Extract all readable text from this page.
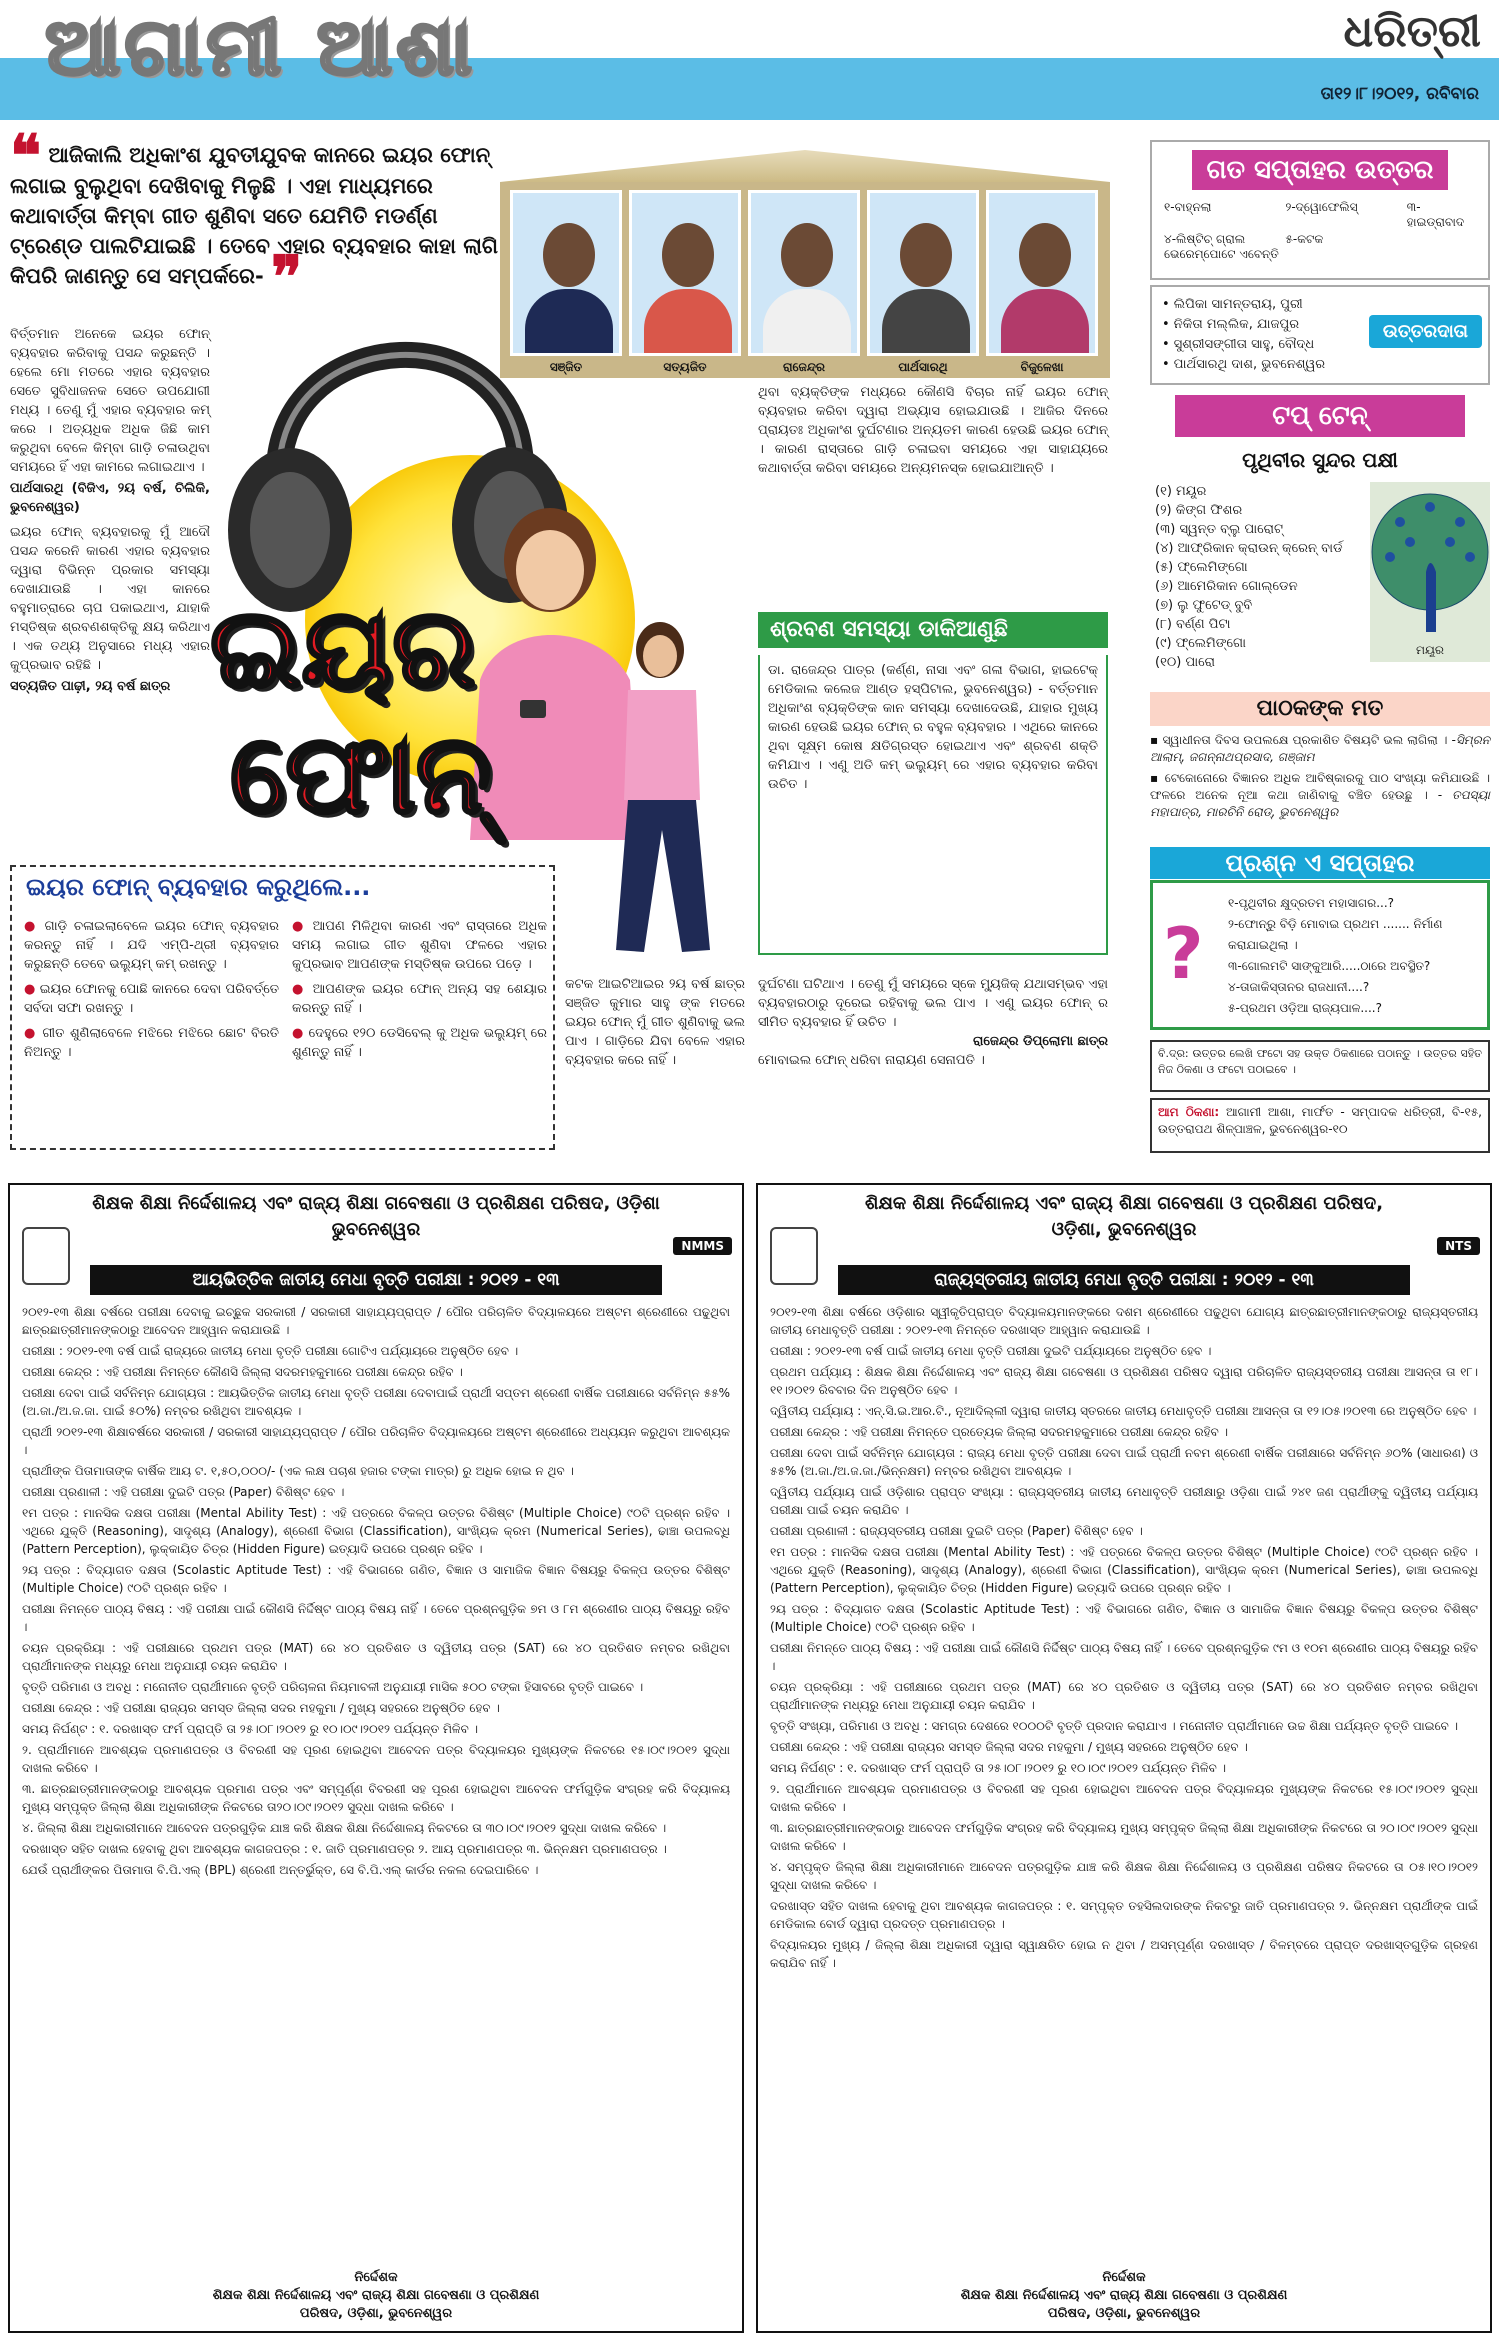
ଆଗାମୀ ଆଶା	ଧରିତ୍ରୀ
ତା୧୨।୮।୨୦୧୨, ରବିବାର
❝ ଆଜିକାଲି ଅଧିକାଂଶ ଯୁବତୀଯୁବକ କାନରେ ଇୟର ଫୋନ୍ ଲଗାଇ ବୁଲୁଥିବା ଦେଖିବାକୁ ମିଳୁଛି । ଏହା ମାଧ୍ୟମରେ କଥାବାର୍ତ୍ତା କିମ୍ବା ଗୀତ ଶୁଣିବା ସତେ ଯେମିତି ମଡର୍ଣ୍ଣ ଟ୍ରେଣ୍ଡ ପାଲଟିଯାଇଛି । ତେବେ ଏହାର ବ୍ୟବହାର କାହା ଲାଗି କିପରି ଜାଣନ୍ତୁ ସେ ସମ୍ପର୍କରେ- ❞
ସଞ୍ଜିତ	ସତ୍ୟଜିତ	ରାଜେନ୍ଦ୍ର	ପାର୍ଥସାରଥି	ବିଜୁଳେଖା
ଇୟର
ଫୋନ୍

ବିର୍ତ୍ତମାନ ଅନେକେ ଇୟର ଫୋନ୍ ବ୍ୟବହାର କରିବାକୁ ପସନ୍ଦ କରୁଛନ୍ତି । ହେଲେ ମୋ ମତରେ ଏହାର ବ୍ୟବହାର ସେତେ ସୁବିଧାଜନକ ସେତେ ଉପଯୋଗୀ ମଧ୍ୟ । ତେଣୁ ମୁଁ ଏହାର ବ୍ୟବହାର କମ୍ କରେ । ଅତ୍ୟଧିକ ଅଧିକ ଜିଛି କାମ କରୁଥିବା ବେଳେ କିମ୍ବା ଗାଡ଼ି ଚଳାଉଥିବା ସମୟରେ ହିଁ ଏହା କାମରେ ଲଗାଇଥାଏ ।

ପାର୍ଥସାରଥି (ବିଜିଏ, ୨ୟ ବର୍ଷ, ଚିଲିକି, ଭୁବନେଶ୍ୱର)

ଇୟର ଫୋନ୍ ବ୍ୟବହାରକୁ ମୁଁ ଆଦୌ ପସନ୍ଦ କରେନି କାରଣ ଏହାର ବ୍ୟବହାର ଦ୍ୱାରା ବିଭିନ୍ନ ପ୍ରକାର ସମସ୍ୟା ଦେଖାଯାଉଛି । ଏହା କାନରେ ବହୁମାତ୍ରାରେ ଚାପ ପକାଇଥାଏ, ଯାହାକି ମସ୍ତିଷ୍କ ଶ୍ରବଣଶକ୍ତିକୁ କ୍ଷୟ କରିଥାଏ । ଏକ ତଥ୍ୟ ଅନୁସାରେ ମଧ୍ୟ ଏହାର କୁପ୍ରଭାବ ରହିଛି ।

ସତ୍ୟଜିତ ପାଢ଼ୀ, ୨ୟ ବର୍ଷ ଛାତ୍ର

ଇୟର ଫୋନ୍ ବ୍ୟବହାର କରୁଥିଲେ...

● ଗାଡ଼ି ଚଳାଇଲାବେଳେ ଇୟର ଫୋନ୍ ବ୍ୟବହାର କରନ୍ତୁ ନାହିଁ । ଯଦି ଏମ୍‌ପି-ଥ୍ରୀ ବ୍ୟବହାର କରୁଛନ୍ତି ତେବେ ଭଲ୍ୟୁମ୍ କମ୍ ରଖନ୍ତୁ ।

● ଇୟର ଫୋନକୁ ପୋଛି କାନରେ ଦେବା ପରିବର୍ତ୍ତେ ସର୍ବଦା ସଫା ରଖନ୍ତୁ ।

● ଗୀତ ଶୁଣିଲାବେଳେ ମଝିରେ ମଝିରେ ଛୋଟ ବିରତି ନିଅନ୍ତୁ ।

● ଆପଣ ମିଳିଥିବା କାରଣ ଏବଂ ରାସ୍ତାରେ ଅଧିକ ସମୟ ଲଗାଇ ଗୀତ ଶୁଣିବା ଫଳରେ ଏହାର କୁପ୍ରଭାବ ଆପଣଙ୍କ ମସ୍ତିଷ୍କ ଉପରେ ପଡ଼େ ।

● ଆପଣଙ୍କ ଇୟର ଫୋନ୍ ଅନ୍ୟ ସହ ଶେୟାର କରନ୍ତୁ ନାହିଁ ।

● ଦେହୁରେ ୧୨୦ ଡେସିବେଲ୍ କୁ ଅଧିକ ଭଲ୍ୟୁମ୍ ରେ ଶୁଣନ୍ତୁ ନାହିଁ ।

କଟକ ଆଇଟିଆଇର ୨ୟ ବର୍ଷ ଛାତ୍ର ସଞ୍ଜିତ କୁମାର ସାହୁ ଙ୍କ ମତରେ ଇୟର ଫୋନ୍ ମୁଁ ଗୀତ ଶୁଣିବାକୁ ଭଲ ପାଏ । ଗାଡ଼ିରେ ଯିବା ବେଳେ ଏହାର ବ୍ୟବହାର କରେ ନାହିଁ ।
ଥିବା ବ୍ୟକ୍ତିଙ୍କ ମଧ୍ୟରେ କୌଣସି ବିଚାର ନାହିଁ ଇୟର ଫୋନ୍ ବ୍ୟବହାର କରିବା ଦ୍ୱାରା ଅଭ୍ୟାସ ହୋଇଯାଉଛି । ଆଜିର ଦିନରେ ପ୍ରାୟତଃ ଅଧିକାଂଶ ଦୁର୍ଘଟଣାର ଅନ୍ୟତମ କାରଣ ହେଉଛି ଇୟର ଫୋନ୍ । କାରଣ ରାସ୍ତାରେ ଗାଡ଼ି ଚଳାଇବା ସମୟରେ ଏହା ସାହାଯ୍ୟରେ କଥାବାର୍ତ୍ତା କରିବା ସମୟରେ ଅନ୍ୟମନସ୍କ ହୋଇଯାଆନ୍ତି ।
ଶ୍ରବଣ ସମସ୍ୟା ଡାକିଆଣୁଛି
ଡା. ରାଜେନ୍ଦ୍ର ପାତ୍ର (କର୍ଣ୍ଣ, ନାସା ଏବଂ ଗଳା ବିଭାଗ, ହାଇଟେକ୍ ମେଡିକାଲ କଲେଜ ଆଣ୍ଡ ହସ୍ପିଟାଲ, ଭୁବନେଶ୍ୱର) - ବର୍ତ୍ତମାନ ଅଧିକାଂଶ ବ୍ୟକ୍ତିଙ୍କ କାନ ସମସ୍ୟା ଦେଖାଦେଉଛି, ଯାହାର ମୁଖ୍ୟ କାରଣ ହେଉଛି ଇୟର ଫୋନ୍ ର ବହୁଳ ବ୍ୟବହାର । ଏଥିରେ କାନରେ ଥିବା ସୂକ୍ଷ୍ମ କୋଷ କ୍ଷତିଗ୍ରସ୍ତ ହୋଇଥାଏ ଏବଂ ଶ୍ରବଣ ଶକ୍ତି କମିଯାଏ । ଏଣୁ ଅତି କମ୍ ଭଲ୍ୟୁମ୍ ରେ ଏହାର ବ୍ୟବହାର କରିବା ଉଚିତ ।

ଦୁର୍ଘଟଣା ଘଟିଥାଏ । ତେଣୁ ମୁଁ ସମୟରେ ସ୍କେ ମ୍ୟୁଜିକ୍ ଯଥାସମ୍ଭବ ଏହା ବ୍ୟବହାରଠାରୁ ଦୂରେଇ ରହିବାକୁ ଭଲ ପାଏ । ଏଣୁ ଇୟର ଫୋନ୍ ର ସୀମିତ ବ୍ୟବହାର ହିଁ ଉଚିତ ।

ରାଜେନ୍ଦ୍ର ଡିପ୍ଲୋମା ଛାତ୍ର

ମୋବାଇଲ ଫୋନ୍ ଧରିବା ନାରାୟଣ ସେନାପତି ।

ଗତ ସପ୍ତାହର ଉତ୍ତର
୧-ବାହ୍ନଲା	୨-ଦ୍ୱୋଫେଲିସ୍	୩-ହାଇଡ୍ରାବାଦ
୪-ଲିଷ୍ଟିଚ୍ ଗ୍ରାଲ ଭେରେମ୍ପୋଟେ ଏବେନ୍ତି
୫-କଟକ
• ଲିପିକା ସାମନ୍ତରାୟ, ପୁରୀ
• ନିକିତା ମଲ୍ଲିକ, ଯାଜପୁର
• ସୁଶ୍ରୀସଙ୍ଗୀତା ସାହୁ, ବୌଦ୍ଧ
• ପାର୍ଥସାରଥି ଦାଶ, ଭୁବନେଶ୍ୱର
ଉତ୍ତରଦାତା
ଟପ୍ ଟେନ୍
ପୃଥିବୀର ସୁନ୍ଦର ପକ୍ଷୀ
(୧) ମୟୂର
(୨) କିଙ୍ଗ ଫିଶର
(୩) ସ୍ୱନ୍ତ ବ୍ଲୁ ପାରୋଟ୍
(୪) ଆଫ୍ରିକାନ କ୍ରାଉନ୍ କ୍ରେନ୍ ବାର୍ଡ
(୫) ଫ୍ଲେମିଙ୍ଗୋ
(୬) ଆମେରିକାନ ଗୋଲ୍ଡେନ
(୭) ଲୁ ଫୁଟେଡ୍ ବୁବି
(୮) ବର୍ଣ୍ଣ ପିଟା
(୯) ଫ୍ଲେମିଙ୍ଗୋ
(୧୦) ପାରୋ
ମୟୂର
ପାଠକଙ୍କ ମତ

▪ ସ୍ୱାଧୀନତା ଦିବସ ଉପଲକ୍ଷେ ପ୍ରକାଶିତ ବିଷୟଟି ଭଲ ଲାଗିଲା । -ସିମ୍ରନ ଆଲାମ୍, ଜଗନ୍ନାଥପ୍ରସାଦ, ଗଞ୍ଜାମ

▪ ଟେକୋନୋରେ ବିଜ୍ଞାନର ଅଧିକ ଆବିଷ୍କାରକୁ ପାଠ ସଂଖ୍ୟା କମିଯାଉଛି । ଫଳରେ ଅନେକ ନୂଆ କଥା ଜାଣିବାକୁ ବଞ୍ଚିତ ହେଉଛୁ । - ତପସ୍ୟା ମହାପାତ୍ର, ମାରଚିନି ରୋଡ୍, ଭୁବନେଶ୍ୱର

ପ୍ରଶ୍ନ ଏ ସପ୍ତାହର
?
୧-ପୃଥିବୀର କ୍ଷୁଦ୍ରତମ ମହାସାଗର...?
୨-ଫୋନ୍‌ରୁ ବିଡ଼ି ମୋବାଇ ପ୍ରଥମ ....... ନିର୍ମାଣ କରାଯାଇଥିଲା ।
୩-ଗୋଲମଟି ସାଙ୍କୁଆରି.....ଠାରେ ଅବସ୍ଥିତ?
୪-ତାଜାକିସ୍ତାନର ରାଜଧାନୀ....?
୫-ପ୍ରଥମ ଓଡ଼ିଆ ରାଜ୍ୟପାଳ....?
ବି.ଦ୍ର: ଉତ୍ତର ଲେଖି ଫଟୋ ସହ ଉକ୍ତ ଠିକଣାରେ ପଠାନ୍ତୁ । ଉତ୍ତର ସହିତ ନିଜ ଠିକଣା ଓ ଫଟୋ ପଠାଇବେ ।
ଆମ ଠିକଣା: ଆଗାମୀ ଆଶା, ମାର୍ଫତ - ସମ୍ପାଦକ ଧରିତ୍ରୀ, ବି-୧୫, ଉତ୍ତରାପଥ ଶିଳ୍ପାଞ୍ଚଳ, ଭୁବନେଶ୍ୱର-୧୦
ଶିକ୍ଷକ ଶିକ୍ଷା ନିର୍ଦ୍ଦେଶାଳୟ ଏବଂ ରାଜ୍ୟ ଶିକ୍ଷା ଗବେଷଣା ଓ ପ୍ରଶିକ୍ଷଣ ପରିଷଦ, ଓଡ଼ିଶା
ଭୁବନେଶ୍ୱର
NMMS
ଆୟଭିତ୍ତିକ ଜାତୀୟ ମେଧା ବୃତ୍ତି ପରୀକ୍ଷା : ୨୦୧୨ - ୧୩

୨୦୧୨-୧୩ ଶିକ୍ଷା ବର୍ଷରେ ପରୀକ୍ଷା ଦେବାକୁ ଇଚ୍ଛୁକ ସରକାରୀ / ସରକାରୀ ସାହାଯ୍ୟପ୍ରାପ୍ତ / ପୌର ପରିଚାଳିତ ବିଦ୍ୟାଳୟରେ ଅଷ୍ଟମ ଶ୍ରେଣୀରେ ପଢୁଥିବା ଛାତ୍ରଛାତ୍ରୀମାନଙ୍କଠାରୁ ଆବେଦନ ଆହ୍ୱାନ କରାଯାଉଛି ।

ପରୀକ୍ଷା : ୨୦୧୨-୧୩ ବର୍ଷ ପାଇଁ ରାଜ୍ୟରେ ଜାତୀୟ ମେଧା ବୃତ୍ତି ପରୀକ୍ଷା ଗୋଟିଏ ପର୍ଯ୍ୟାୟରେ ଅନୁଷ୍ଠିତ ହେବ ।

ପରୀକ୍ଷା କେନ୍ଦ୍ର : ଏହି ପରୀକ୍ଷା ନିମନ୍ତେ କୌଣସି ଜିଲ୍ଲା ସଦରମହକୁମାରେ ପରୀକ୍ଷା କେନ୍ଦ୍ର ରହିବ ।

ପରୀକ୍ଷା ଦେବା ପାଇଁ ସର୍ବନିମ୍ନ ଯୋଗ୍ୟତା : ଆୟଭିତ୍ତିକ ଜାତୀୟ ମେଧା ବୃତ୍ତି ପରୀକ୍ଷା ଦେବାପାଇଁ ପ୍ରାର୍ଥୀ ସପ୍ତମ ଶ୍ରେଣୀ ବାର୍ଷିକ ପରୀକ୍ଷାରେ ସର୍ବନିମ୍ନ ୫୫% (ଅ.ଜା./ଅ.ଜ.ଜା. ପାଇଁ ୫୦%) ନମ୍ବର ରଖିଥିବା ଆବଶ୍ୟକ ।

ପ୍ରାର୍ଥୀ ୨୦୧୨-୧୩ ଶିକ୍ଷାବର୍ଷରେ ସରକାରୀ / ସରକାରୀ ସାହାଯ୍ୟପ୍ରାପ୍ତ / ପୌର ପରିଚାଳିତ ବିଦ୍ୟାଳୟରେ ଅଷ୍ଟମ ଶ୍ରେଣୀରେ ଅଧ୍ୟୟନ କରୁଥିବା ଆବଶ୍ୟକ ।

ପ୍ରାର୍ଥୀଙ୍କ ପିତାମାତାଙ୍କ ବାର୍ଷିକ ଆୟ ଟ. ୧,୫୦,୦୦୦/- (ଏକ ଲକ୍ଷ ପଚାଶ ହଜାର ଟଙ୍କା ମାତ୍ର) ରୁ ଅଧିକ ହୋଇ ନ ଥିବ ।

ପରୀକ୍ଷା ପ୍ରଣାଳୀ : ଏହି ପରୀକ୍ଷା ଦୁଇଟି ପତ୍ର (Paper) ବିଶିଷ୍ଟ ହେବ ।

୧ମ ପତ୍ର : ମାନସିକ ଦକ୍ଷତା ପରୀକ୍ଷା (Mental Ability Test) : ଏହି ପତ୍ରରେ ବିକଳ୍ପ ଉତ୍ତର ବିଶିଷ୍ଟ (Multiple Choice) ୯୦ଟି ପ୍ରଶ୍ନ ରହିବ । ଏଥିରେ ଯୁକ୍ତି (Reasoning), ସାଦୃଶ୍ୟ (Analogy), ଶ୍ରେଣୀ ବିଭାଗ (Classification), ସାଂଖ୍ୟିକ କ୍ରମ (Numerical Series), ଢାଞ୍ଚା ଉପଲବ୍ଧି (Pattern Perception), ଲୁକ୍କାୟିତ ଚିତ୍ର (Hidden Figure) ଇତ୍ୟାଦି ଉପରେ ପ୍ରଶ୍ନ ରହିବ ।

୨ୟ ପତ୍ର : ବିଦ୍ୟାଗତ ଦକ୍ଷତା (Scolastic Aptitude Test) : ଏହି ବିଭାଗରେ ଗଣିତ, ବିଜ୍ଞାନ ଓ ସାମାଜିକ ବିଜ୍ଞାନ ବିଷୟରୁ ବିକଳ୍ପ ଉତ୍ତର ବିଶିଷ୍ଟ (Multiple Choice) ୯୦ଟି ପ୍ରଶ୍ନ ରହିବ ।

ପରୀକ୍ଷା ନିମନ୍ତେ ପାଠ୍ୟ ବିଷୟ : ଏହି ପରୀକ୍ଷା ପାଇଁ କୌଣସି ନିର୍ଦ୍ଦିଷ୍ଟ ପାଠ୍ୟ ବିଷୟ ନାହିଁ । ତେବେ ପ୍ରଶ୍ନଗୁଡ଼ିକ ୭ମ ଓ ୮ମ ଶ୍ରେଣୀର ପାଠ୍ୟ ବିଷୟରୁ ରହିବ ।

ଚୟନ ପ୍ରକ୍ରିୟା : ଏହି ପରୀକ୍ଷାରେ ପ୍ରଥମ ପତ୍ର (MAT) ରେ ୪୦ ପ୍ରତିଶତ ଓ ଦ୍ୱିତୀୟ ପତ୍ର (SAT) ରେ ୪୦ ପ୍ରତିଶତ ନମ୍ବର ରଖିଥିବା ପ୍ରାର୍ଥୀମାନଙ୍କ ମଧ୍ୟରୁ ମେଧା ଅନୁଯାୟୀ ଚୟନ କରାଯିବ ।

ବୃତ୍ତି ପରିମାଣ ଓ ଅବଧି : ମନୋନୀତ ପ୍ରାର୍ଥୀମାନେ ବୃତ୍ତି ପରିଚାଳନା ନିୟମାବଳୀ ଅନୁଯାୟୀ ମାସିକ ୫୦୦ ଟଙ୍କା ହିସାବରେ ବୃତ୍ତି ପାଇବେ ।

ପରୀକ୍ଷା କେନ୍ଦ୍ର : ଏହି ପରୀକ୍ଷା ରାଜ୍ୟର ସମସ୍ତ ଜିଲ୍ଲା ସଦର ମହକୁମା / ମୁଖ୍ୟ ସହରରେ ଅନୁଷ୍ଠିତ ହେବ ।

ସମୟ ନିର୍ଘଣ୍ଟ : ୧. ଦରଖାସ୍ତ ଫର୍ମ ପ୍ରାପ୍ତି ତା ୨୫।୦୮।୨୦୧୨ ରୁ ୧୦।୦୯।୨୦୧୨ ପର୍ଯ୍ୟନ୍ତ ମିଳିବ ।

୨. ପ୍ରାର୍ଥୀମାନେ ଆବଶ୍ୟକ ପ୍ରମାଣପତ୍ର ଓ ବିବରଣୀ ସହ ପୂରଣ ହୋଇଥିବା ଆବେଦନ ପତ୍ର ବିଦ୍ୟାଳୟର ମୁଖ୍ୟଙ୍କ ନିକଟରେ ୧୫।୦୯।୨୦୧୨ ସୁଦ୍ଧା ଦାଖଲ କରିବେ ।

୩. ଛାତ୍ରଛାତ୍ରୀମାନଙ୍କଠାରୁ ଆବଶ୍ୟକ ପ୍ରମାଣ ପତ୍ର ଏବଂ ସମ୍ପୂର୍ଣ୍ଣ ବିବରଣୀ ସହ ପୂରଣ ହୋଇଥିବା ଆବେଦନ ଫର୍ମଗୁଡ଼ିକ ସଂଗ୍ରହ କରି ବିଦ୍ୟାଳୟ ମୁଖ୍ୟ ସମ୍ପୃକ୍ତ ଜିଲ୍ଲା ଶିକ୍ଷା ଅଧିକାରୀଙ୍କ ନିକଟରେ ତା୨୦।୦୯।୨୦୧୨ ସୁଦ୍ଧା ଦାଖଲ କରିବେ ।

୪. ଜିଲ୍ଲା ଶିକ୍ଷା ଅଧିକାରୀମାନେ ଆବେଦନ ପତ୍ରଗୁଡ଼ିକ ଯାଞ୍ଚ କରି ଶିକ୍ଷକ ଶିକ୍ଷା ନିର୍ଦ୍ଦେଶାଳୟ ନିକଟରେ ତା ୩୦।୦୯।୨୦୧୨ ସୁଦ୍ଧା ଦାଖଲ କରିବେ ।

ଦରଖାସ୍ତ ସହିତ ଦାଖଲ ହେବାକୁ ଥିବା ଆବଶ୍ୟକ କାଗଜପତ୍ର : ୧. ଜାତି ପ୍ରମାଣପତ୍ର ୨. ଆୟ ପ୍ରମାଣପତ୍ର ୩. ଭିନ୍ନକ୍ଷମ ପ୍ରମାଣପତ୍ର ।

ଯେଉଁ ପ୍ରାର୍ଥୀଙ୍କର ପିତାମାତା ବି.ପି.ଏଲ୍ (BPL) ଶ୍ରେଣୀ ଅନ୍ତର୍ଭୁକ୍ତ, ସେ ବି.ପି.ଏଲ୍ କାର୍ଡର ନକଲ ଦେଇପାରିବେ ।

ନିର୍ଦ୍ଦେଶକ
ଶିକ୍ଷକ ଶିକ୍ଷା ନିର୍ଦ୍ଦେଶାଳୟ ଏବଂ ରାଜ୍ୟ ଶିକ୍ଷା ଗବେଷଣା ଓ ପ୍ରଶିକ୍ଷଣ
ପରିଷଦ, ଓଡ଼ିଶା, ଭୁବନେଶ୍ୱର
ଶିକ୍ଷକ ଶିକ୍ଷା ନିର୍ଦ୍ଦେଶାଳୟ ଏବଂ ରାଜ୍ୟ ଶିକ୍ଷା ଗବେଷଣା ଓ ପ୍ରଶିକ୍ଷଣ ପରିଷଦ,
ଓଡ଼ିଶା, ଭୁବନେଶ୍ୱର
NTS
ରାଜ୍ୟସ୍ତରୀୟ ଜାତୀୟ ମେଧା ବୃତ୍ତି ପରୀକ୍ଷା : ୨୦୧୨ - ୧୩

୨୦୧୨-୧୩ ଶିକ୍ଷା ବର୍ଷରେ ଓଡ଼ିଶାର ସ୍ୱୀକୃତିପ୍ରାପ୍ତ ବିଦ୍ୟାଳୟମାନଙ୍କରେ ଦଶମ ଶ୍ରେଣୀରେ ପଢୁଥିବା ଯୋଗ୍ୟ ଛାତ୍ରଛାତ୍ରୀମାନଙ୍କଠାରୁ ରାଜ୍ୟସ୍ତରୀୟ ଜାତୀୟ ମେଧାବୃତ୍ତି ପରୀକ୍ଷା : ୨୦୧୨-୧୩ ନିମନ୍ତେ ଦରଖାସ୍ତ ଆହ୍ୱାନ କରାଯାଉଛି ।

ପରୀକ୍ଷା : ୨୦୧୨-୧୩ ବର୍ଷ ପାଇଁ ଜାତୀୟ ମେଧା ବୃତ୍ତି ପରୀକ୍ଷା ଦୁଇଟି ପର୍ଯ୍ୟାୟରେ ଅନୁଷ୍ଠିତ ହେବ ।

ପ୍ରଥମ ପର୍ଯ୍ୟାୟ : ଶିକ୍ଷକ ଶିକ୍ଷା ନିର୍ଦ୍ଦେଶାଳୟ ଏବଂ ରାଜ୍ୟ ଶିକ୍ଷା ଗବେଷଣା ଓ ପ୍ରଶିକ୍ଷଣ ପରିଷଦ ଦ୍ୱାରା ପରିଚାଳିତ ରାଜ୍ୟସ୍ତରୀୟ ପରୀକ୍ଷା ଆସନ୍ତା ତା ୧୮।୧୧।୨୦୧୨ ରିବବାର ଦିନ ଅନୁଷ୍ଠିତ ହେବ ।

ଦ୍ୱିତୀୟ ପର୍ଯ୍ୟାୟ : ଏନ୍.ସି.ଇ.ଆର.ଟି., ନୂଆଦିଲ୍ଲୀ ଦ୍ୱାରା ଜାତୀୟ ସ୍ତରରେ ଜାତୀୟ ମେଧାବୃତ୍ତି ପରୀକ୍ଷା ଆସନ୍ତା ତା ୧୨।୦୫।୨୦୧୩ ରେ ଅନୁଷ୍ଠିତ ହେବ ।

ପରୀକ୍ଷା କେନ୍ଦ୍ର : ଏହି ପରୀକ୍ଷା ନିମନ୍ତେ ପ୍ରତ୍ୟେକ ଜିଲ୍ଲା ସଦରମହକୁମାରେ ପରୀକ୍ଷା କେନ୍ଦ୍ର ରହିବ ।

ପରୀକ୍ଷା ଦେବା ପାଇଁ ସର୍ବନିମ୍ନ ଯୋଗ୍ୟତା : ରାଜ୍ୟ ମେଧା ବୃତ୍ତି ପରୀକ୍ଷା ଦେବା ପାଇଁ ପ୍ରାର୍ଥୀ ନବମ ଶ୍ରେଣୀ ବାର୍ଷିକ ପରୀକ୍ଷାରେ ସର୍ବନିମ୍ନ ୬୦% (ସାଧାରଣ) ଓ ୫୫% (ଅ.ଜା./ଅ.ଜ.ଜା./ଭିନ୍ନକ୍ଷମ) ନମ୍ବର ରଖିଥିବା ଆବଶ୍ୟକ ।

ଦ୍ୱିତୀୟ ପର୍ଯ୍ୟାୟ ପାଇଁ ଓଡ଼ିଶାର ପ୍ରାପ୍ତ ସଂଖ୍ୟା : ରାଜ୍ୟସ୍ତରୀୟ ଜାତୀୟ ମେଧାବୃତ୍ତି ପରୀକ୍ଷାରୁ ଓଡ଼ିଶା ପାଇଁ ୨୪୧ ଜଣ ପ୍ରାର୍ଥୀଙ୍କୁ ଦ୍ୱିତୀୟ ପର୍ଯ୍ୟାୟ ପରୀକ୍ଷା ପାଇଁ ଚୟନ କରାଯିବ ।

ପରୀକ୍ଷା ପ୍ରଣାଳୀ : ରାଜ୍ୟସ୍ତରୀୟ ପରୀକ୍ଷା ଦୁଇଟି ପତ୍ର (Paper) ବିଶିଷ୍ଟ ହେବ ।

୧ମ ପତ୍ର : ମାନସିକ ଦକ୍ଷତା ପରୀକ୍ଷା (Mental Ability Test) : ଏହି ପତ୍ରରେ ବିକଳ୍ପ ଉତ୍ତର ବିଶିଷ୍ଟ (Multiple Choice) ୯୦ଟି ପ୍ରଶ୍ନ ରହିବ । ଏଥିରେ ଯୁକ୍ତି (Reasoning), ସାଦୃଶ୍ୟ (Analogy), ଶ୍ରେଣୀ ବିଭାଗ (Classification), ସାଂଖ୍ୟିକ କ୍ରମ (Numerical Series), ଢାଞ୍ଚା ଉପଲବ୍ଧି (Pattern Perception), ଲୁକ୍କାୟିତ ଚିତ୍ର (Hidden Figure) ଇତ୍ୟାଦି ଉପରେ ପ୍ରଶ୍ନ ରହିବ ।

୨ୟ ପତ୍ର : ବିଦ୍ୟାଗତ ଦକ୍ଷତା (Scolastic Aptitude Test) : ଏହି ବିଭାଗରେ ଗଣିତ, ବିଜ୍ଞାନ ଓ ସାମାଜିକ ବିଜ୍ଞାନ ବିଷୟରୁ ବିକଳ୍ପ ଉତ୍ତର ବିଶିଷ୍ଟ (Multiple Choice) ୯୦ଟି ପ୍ରଶ୍ନ ରହିବ ।

ପରୀକ୍ଷା ନିମନ୍ତେ ପାଠ୍ୟ ବିଷୟ : ଏହି ପରୀକ୍ଷା ପାଇଁ କୌଣସି ନିର୍ଦ୍ଦିଷ୍ଟ ପାଠ୍ୟ ବିଷୟ ନାହିଁ । ତେବେ ପ୍ରଶ୍ନଗୁଡ଼ିକ ୯ମ ଓ ୧୦ମ ଶ୍ରେଣୀର ପାଠ୍ୟ ବିଷୟରୁ ରହିବ ।

ଚୟନ ପ୍ରକ୍ରିୟା : ଏହି ପରୀକ୍ଷାରେ ପ୍ରଥମ ପତ୍ର (MAT) ରେ ୪୦ ପ୍ରତିଶତ ଓ ଦ୍ୱିତୀୟ ପତ୍ର (SAT) ରେ ୪୦ ପ୍ରତିଶତ ନମ୍ବର ରଖିଥିବା ପ୍ରାର୍ଥୀମାନଙ୍କ ମଧ୍ୟରୁ ମେଧା ଅନୁଯାୟୀ ଚୟନ କରାଯିବ ।

ବୃତ୍ତି ସଂଖ୍ୟା, ପରିମାଣ ଓ ଅବଧି : ସମଗ୍ର ଦେଶରେ ୧୦୦୦ଟି ବୃତ୍ତି ପ୍ରଦାନ କରାଯାଏ । ମନୋନୀତ ପ୍ରାର୍ଥୀମାନେ ଉଚ୍ଚ ଶିକ୍ଷା ପର୍ଯ୍ୟନ୍ତ ବୃତ୍ତି ପାଇବେ ।

ପରୀକ୍ଷା କେନ୍ଦ୍ର : ଏହି ପରୀକ୍ଷା ରାଜ୍ୟର ସମସ୍ତ ଜିଲ୍ଲା ସଦର ମହକୁମା / ମୁଖ୍ୟ ସହରରେ ଅନୁଷ୍ଠିତ ହେବ ।

ସମୟ ନିର୍ଘଣ୍ଟ : ୧. ଦରଖାସ୍ତ ଫର୍ମ ପ୍ରାପ୍ତି ତା ୨୫।୦୮।୨୦୧୨ ରୁ ୧୦।୦୯।୨୦୧୨ ପର୍ଯ୍ୟନ୍ତ ମିଳିବ ।

୨. ପ୍ରାର୍ଥୀମାନେ ଆବଶ୍ୟକ ପ୍ରମାଣପତ୍ର ଓ ବିବରଣୀ ସହ ପୂରଣ ହୋଇଥିବା ଆବେଦନ ପତ୍ର ବିଦ୍ୟାଳୟର ମୁଖ୍ୟଙ୍କ ନିକଟରେ ୧୫।୦୯।୨୦୧୨ ସୁଦ୍ଧା ଦାଖଲ କରିବେ ।

୩. ଛାତ୍ରଛାତ୍ରୀମାନଙ୍କଠାରୁ ଆବେଦନ ଫର୍ମଗୁଡ଼ିକ ସଂଗ୍ରହ କରି ବିଦ୍ୟାଳୟ ମୁଖ୍ୟ ସମ୍ପୃକ୍ତ ଜିଲ୍ଲା ଶିକ୍ଷା ଅଧିକାରୀଙ୍କ ନିକଟରେ ତା ୨୦।୦୯।୨୦୧୨ ସୁଦ୍ଧା ଦାଖଲ କରିବେ ।

୪. ସମ୍ପୃକ୍ତ ଜିଲ୍ଲା ଶିକ୍ଷା ଅଧିକାରୀମାନେ ଆବେଦନ ପତ୍ରଗୁଡ଼ିକ ଯାଞ୍ଚ କରି ଶିକ୍ଷକ ଶିକ୍ଷା ନିର୍ଦ୍ଦେଶାଳୟ ଓ ପ୍ରଶିକ୍ଷଣ ପରିଷଦ ନିକଟରେ ତା ୦୫।୧୦।୨୦୧୨ ସୁଦ୍ଧା ଦାଖଲ କରିବେ ।

ଦରଖାସ୍ତ ସହିତ ଦାଖଲ ହେବାକୁ ଥିବା ଆବଶ୍ୟକ କାଗଜପତ୍ର : ୧. ସମ୍ପୃକ୍ତ ତହସିଲଦାରଙ୍କ ନିକଟରୁ ଜାତି ପ୍ରମାଣପତ୍ର ୨. ଭିନ୍ନକ୍ଷମ ପ୍ରାର୍ଥୀଙ୍କ ପାଇଁ ମେଡିକାଲ ବୋର୍ଡ ଦ୍ୱାରା ପ୍ରଦତ୍ତ ପ୍ରମାଣପତ୍ର ।

ବିଦ୍ୟାଳୟର ମୁଖ୍ୟ / ଜିଲ୍ଲା ଶିକ୍ଷା ଅଧିକାରୀ ଦ୍ୱାରା ସ୍ୱାକ୍ଷରିତ ହୋଇ ନ ଥିବା / ଅସମ୍ପୂର୍ଣ୍ଣ ଦରଖାସ୍ତ / ବିଳମ୍ବରେ ପ୍ରାପ୍ତ ଦରଖାସ୍ତଗୁଡ଼ିକ ଗ୍ରହଣ କରାଯିବ ନାହିଁ ।

ନିର୍ଦ୍ଦେଶକ
ଶିକ୍ଷକ ଶିକ୍ଷା ନିର୍ଦ୍ଦେଶାଳୟ ଏବଂ ରାଜ୍ୟ ଶିକ୍ଷା ଗବେଷଣା ଓ ପ୍ରଶିକ୍ଷଣ
ପରିଷଦ, ଓଡ଼ିଶା, ଭୁବନେଶ୍ୱର
